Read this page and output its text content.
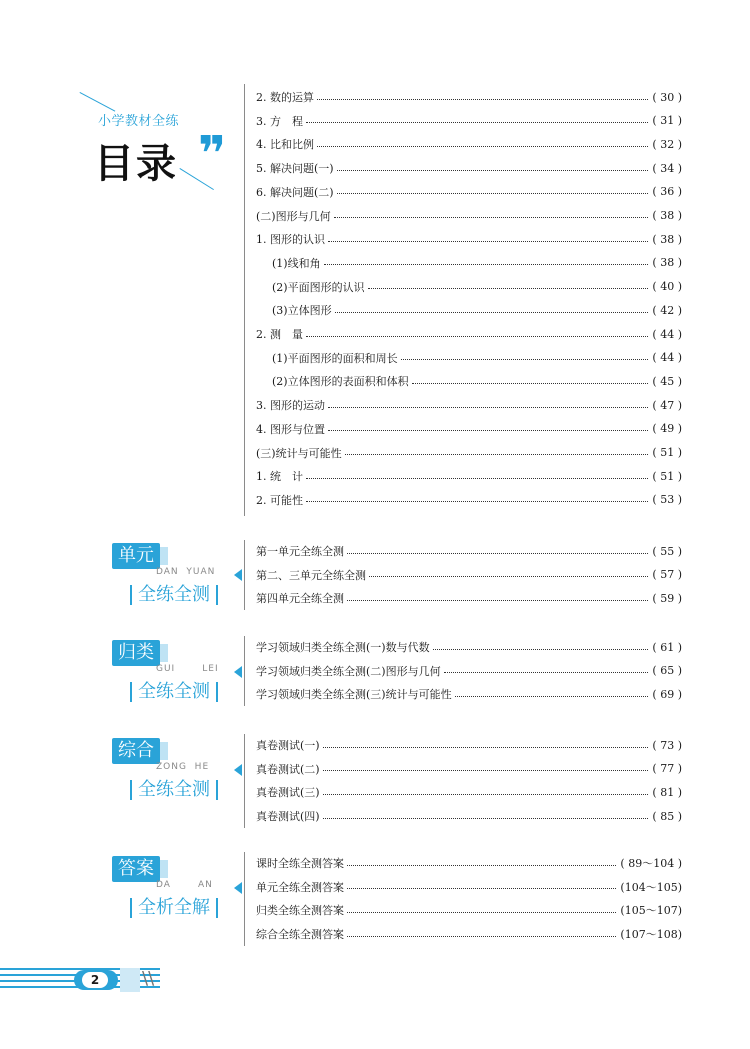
小学教材全练
目录 ❞
2. 数的运算	( 30 )
3. 方　程	( 31 )
4. 比和比例	( 32 )
5. 解决问题(一)	( 34 )
6. 解决问题(二)	( 36 )
(二)图形与几何	( 38 )
1. 图形的认识	( 38 )
(1)线和角	( 38 )
(2)平面图形的认识	( 40 )
(3)立体图形	( 42 )
2. 测　量	( 44 )
(1)平面图形的面积和周长	( 44 )
(2)立体图形的表面积和体积	( 45 )
3. 图形的运动	( 47 )
4. 图形与位置	( 49 )
(三)统计与可能性	( 51 )
1. 统　计	( 51 )
2. 可能性	( 53 )
单元
DAN  YUAN
全练全测
第一单元全练全测	( 55 )
第二、三单元全练全测	( 57 )
第四单元全练全测	( 59 )
归类
GUI       LEI
全练全测
学习领域归类全练全测(一)数与代数	( 61 )
学习领域归类全练全测(二)图形与几何	( 65 )
学习领域归类全练全测(三)统计与可能性	( 69 )
综合
ZONG  HE
全练全测
真卷测试(一)	( 73 )
真卷测试(二)	( 77 )
真卷测试(三)	( 81 )
真卷测试(四)	( 85 )
答案
DA       AN
全析全解
课时全练全测答案	( 89～104 )
单元全练全测答案	(104～105)
归类全练全测答案	(105～107)
综合全练全测答案	(107～108)
2	\\
